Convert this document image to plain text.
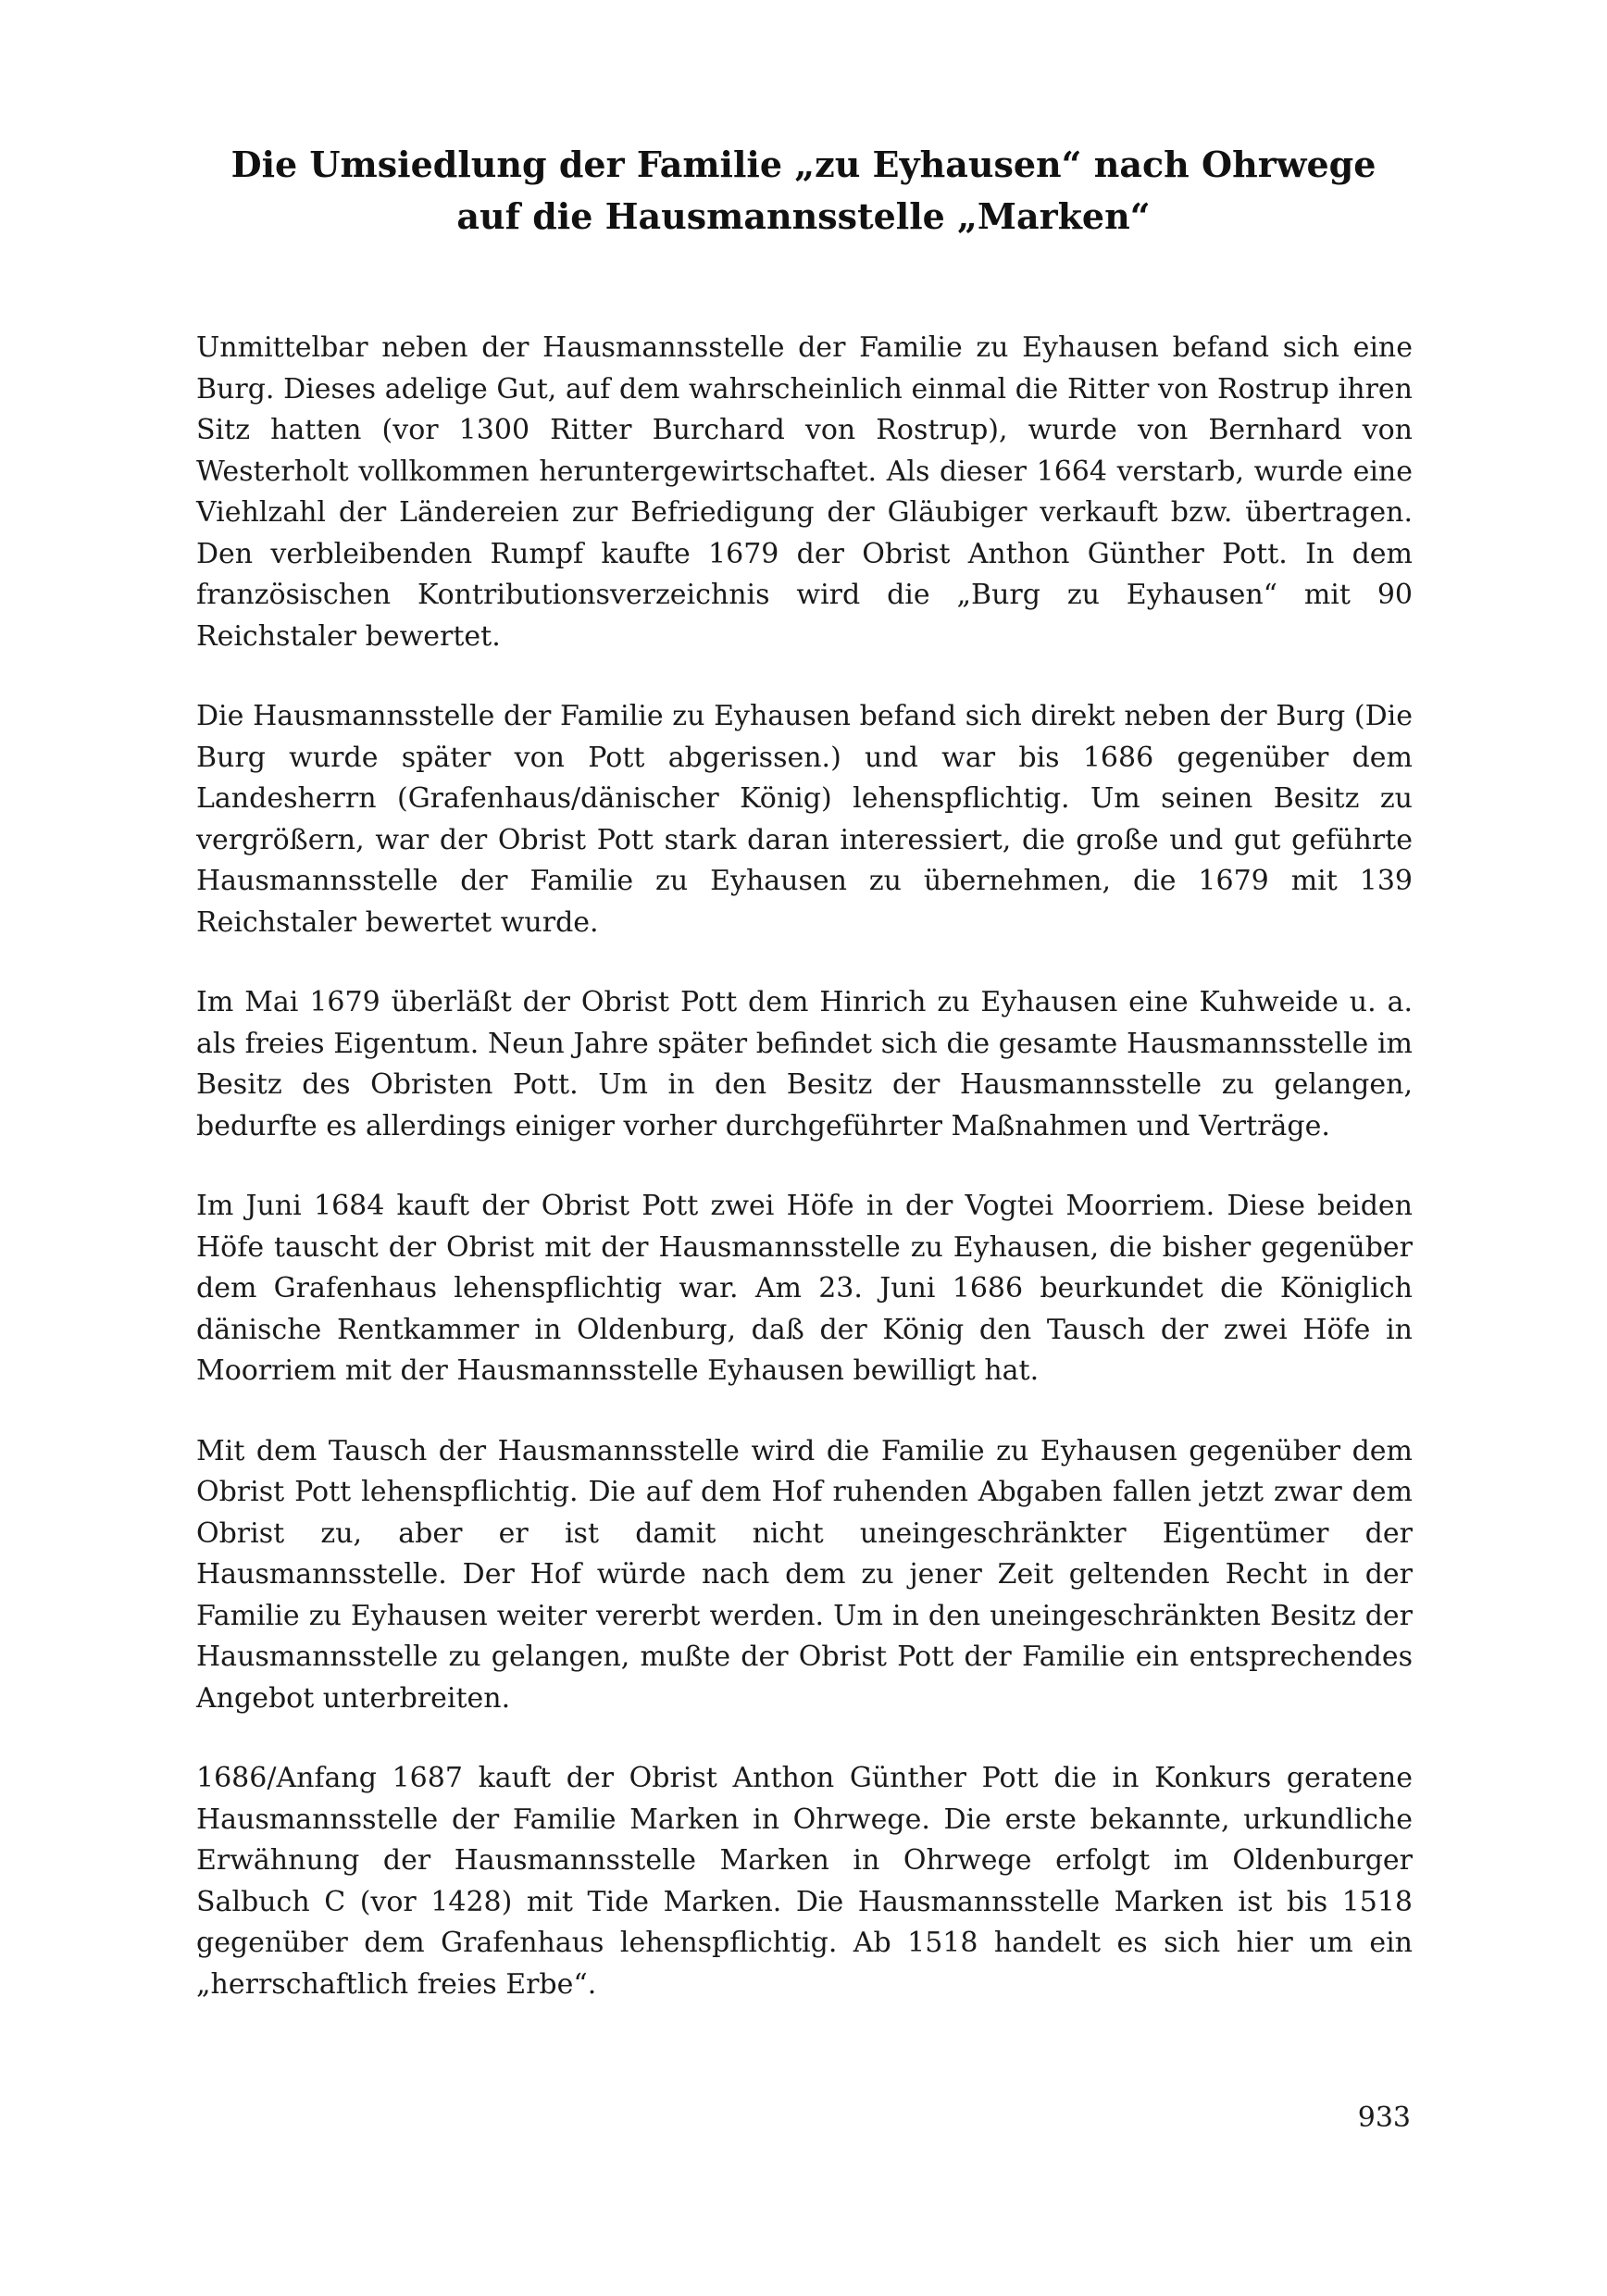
Die Umsiedlung der Familie „zu Eyhausen“ nach Ohrwege
auf die Hausmannsstelle „Marken“

Unmittelbar neben der Hausmannsstelle der Familie zu Eyhausen befand sich eine Burg. Dieses adelige Gut, auf dem wahrscheinlich einmal die Ritter von Rostrup ihren Sitz hatten (vor 1300 Ritter Burchard von Rostrup), wurde von Bernhard von Westerholt vollkommen heruntergewirtschaftet. Als dieser 1664 verstarb, wurde eine Viehlzahl der Ländereien zur Befriedigung der Gläubiger verkauft bzw. übertragen. Den verbleibenden Rumpf kaufte 1679 der Obrist Anthon Günther Pott. In dem französischen Kontributionsverzeichnis wird die „Burg zu Eyhausen“ mit 90 Reichstaler bewertet.

Die Hausmannsstelle der Familie zu Eyhausen befand sich direkt neben der Burg (Die Burg wurde später von Pott abgerissen.) und war bis 1686 gegenüber dem Landesherrn (Grafenhaus/dänischer König) lehenspflichtig. Um seinen Besitz zu vergrößern, war der Obrist Pott stark daran interessiert, die große und gut geführte Hausmannsstelle der Familie zu Eyhausen zu übernehmen, die 1679 mit 139 Reichstaler bewertet wurde.

Im Mai 1679 überläßt der Obrist Pott dem Hinrich zu Eyhausen eine Kuhweide u. a. als freies Eigentum. Neun Jahre später befindet sich die gesamte Hausmannsstelle im Besitz des Obristen Pott. Um in den Besitz der Hausmannsstelle zu gelangen, bedurfte es allerdings einiger vorher durchgeführter Maßnahmen und Verträge.

Im Juni 1684 kauft der Obrist Pott zwei Höfe in der Vogtei Moorriem. Diese beiden Höfe tauscht der Obrist mit der Hausmannsstelle zu Eyhausen, die bisher gegenüber dem Grafenhaus lehenspflichtig war. Am 23. Juni 1686 beurkundet die Königlich dänische Rentkammer in Oldenburg, daß der König den Tausch der zwei Höfe in Moorriem mit der Hausmannsstelle Eyhausen bewilligt hat.

Mit dem Tausch der Hausmannsstelle wird die Familie zu Eyhausen gegenüber dem Obrist Pott lehenspflichtig. Die auf dem Hof ruhenden Abgaben fallen jetzt zwar dem Obrist zu, aber er ist damit nicht uneingeschränkter Eigentümer der Hausmannsstelle. Der Hof würde nach dem zu jener Zeit geltenden Recht in der Familie zu Eyhausen weiter vererbt werden. Um in den uneingeschränkten Besitz der Hausmannsstelle zu gelangen, mußte der Obrist Pott der Familie ein entsprechendes Angebot unterbreiten.

1686/Anfang 1687 kauft der Obrist Anthon Günther Pott die in Konkurs geratene Hausmannsstelle der Familie Marken in Ohrwege. Die erste bekannte, urkundliche Erwähnung der Hausmannsstelle Marken in Ohrwege erfolgt im Oldenburger Salbuch C (vor 1428) mit Tide Marken. Die Hausmannsstelle Marken ist bis 1518 gegenüber dem Grafenhaus lehenspflichtig. Ab 1518 handelt es sich hier um ein „herrschaftlich freies Erbe“.

933
